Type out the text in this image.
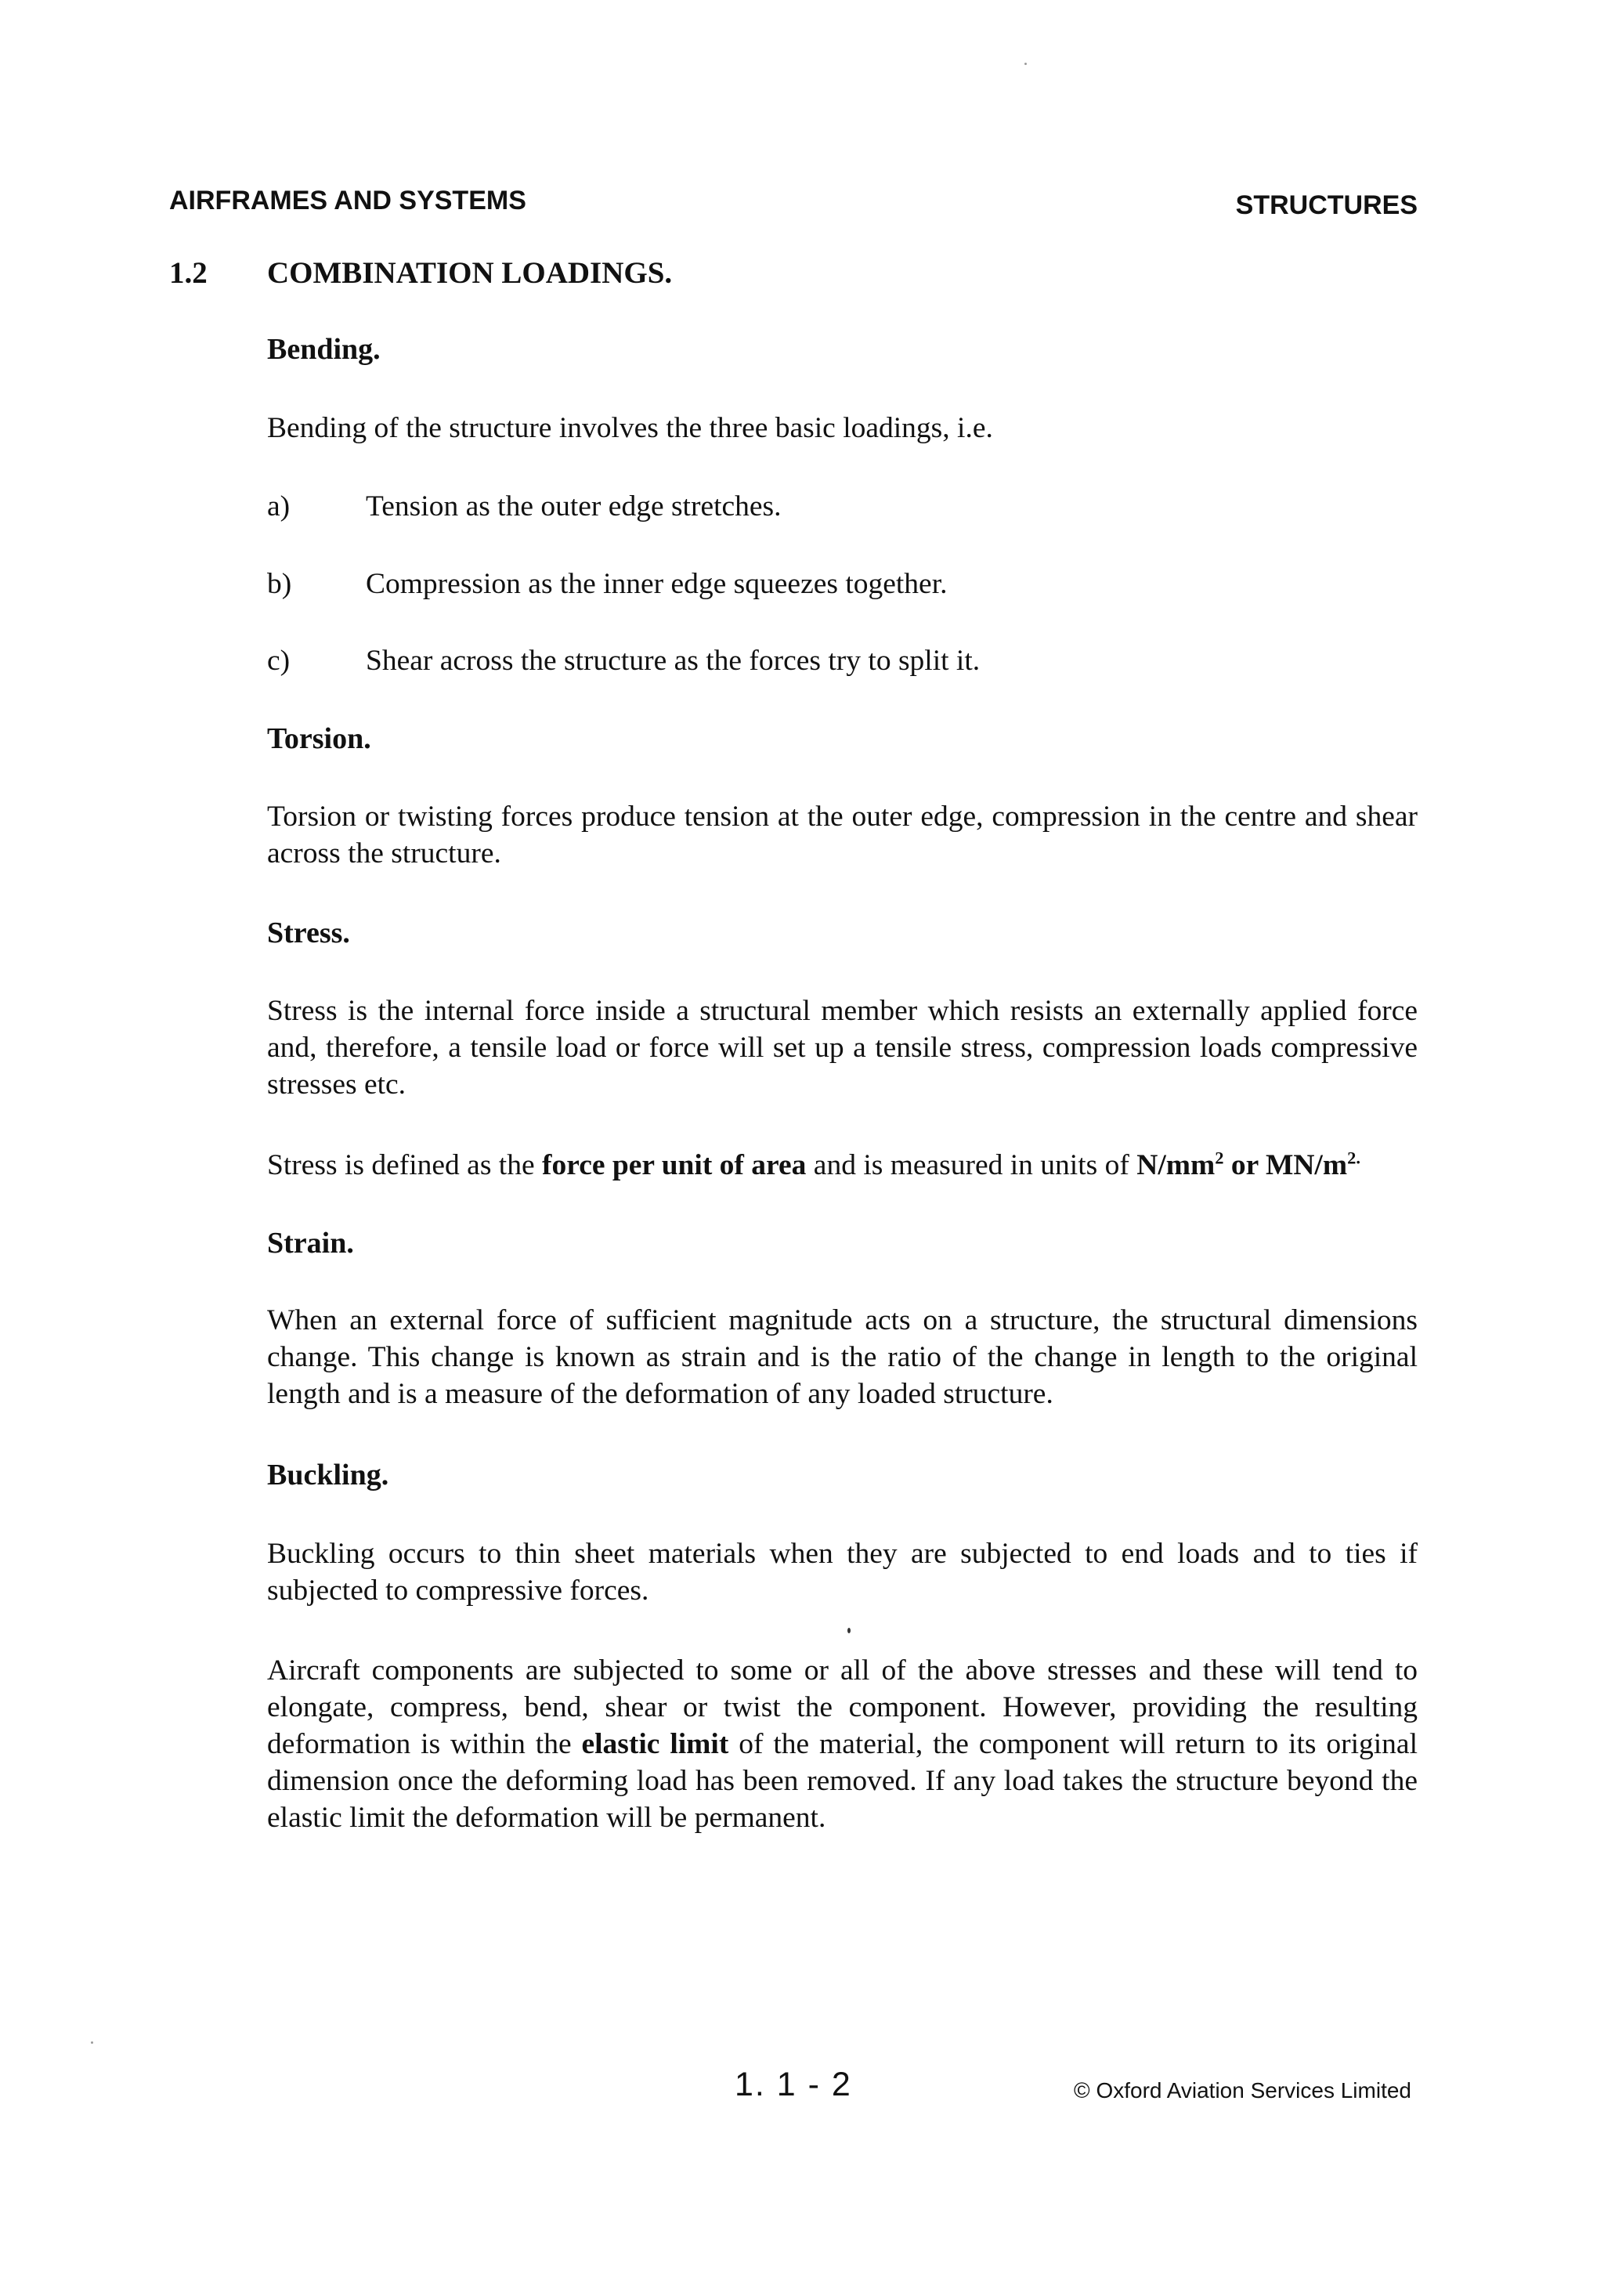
AIRFRAMES AND SYSTEMS	STRUCTURES
1.2 COMBINATION LOADINGS.

Bending.

Bending of the structure involves the three basic loadings, i.e.

a)	Tension as the outer edge stretches.
b)	Compression as the inner edge squeezes together.
c)	Shear across the structure as the forces try to split it.

Torsion.

Torsion or twisting forces produce tension at the outer edge, compression in the centre and shear across the structure.

Stress.

Stress is the internal force inside a structural member which resists an externally applied force and, therefore, a tensile load or force will set up a tensile stress, compression loads compressive stresses etc.

Stress is defined as the force per unit of area and is measured in units of $N/mm^2$ or $MN/m^{2.}$

Strain.

When an external force of sufficient magnitude acts on a structure, the structural dimensions change. This change is known as strain and is the ratio of the change in length to the original length and is a measure of the deformation of any loaded structure.

Buckling.

Buckling occurs to thin sheet materials when they are subjected to end loads and to ties if subjected to compressive forces.

Aircraft components are subjected to some or all of the above stresses and these will tend to elongate, compress, bend, shear or twist the component. However, providing the resulting deformation is within the elastic limit of the material, the component will return to its original dimension once the deforming load has been removed. If any load takes the structure beyond the elastic limit the deformation will be permanent.

1. 1 - 2	© Oxford Aviation Services Limited
